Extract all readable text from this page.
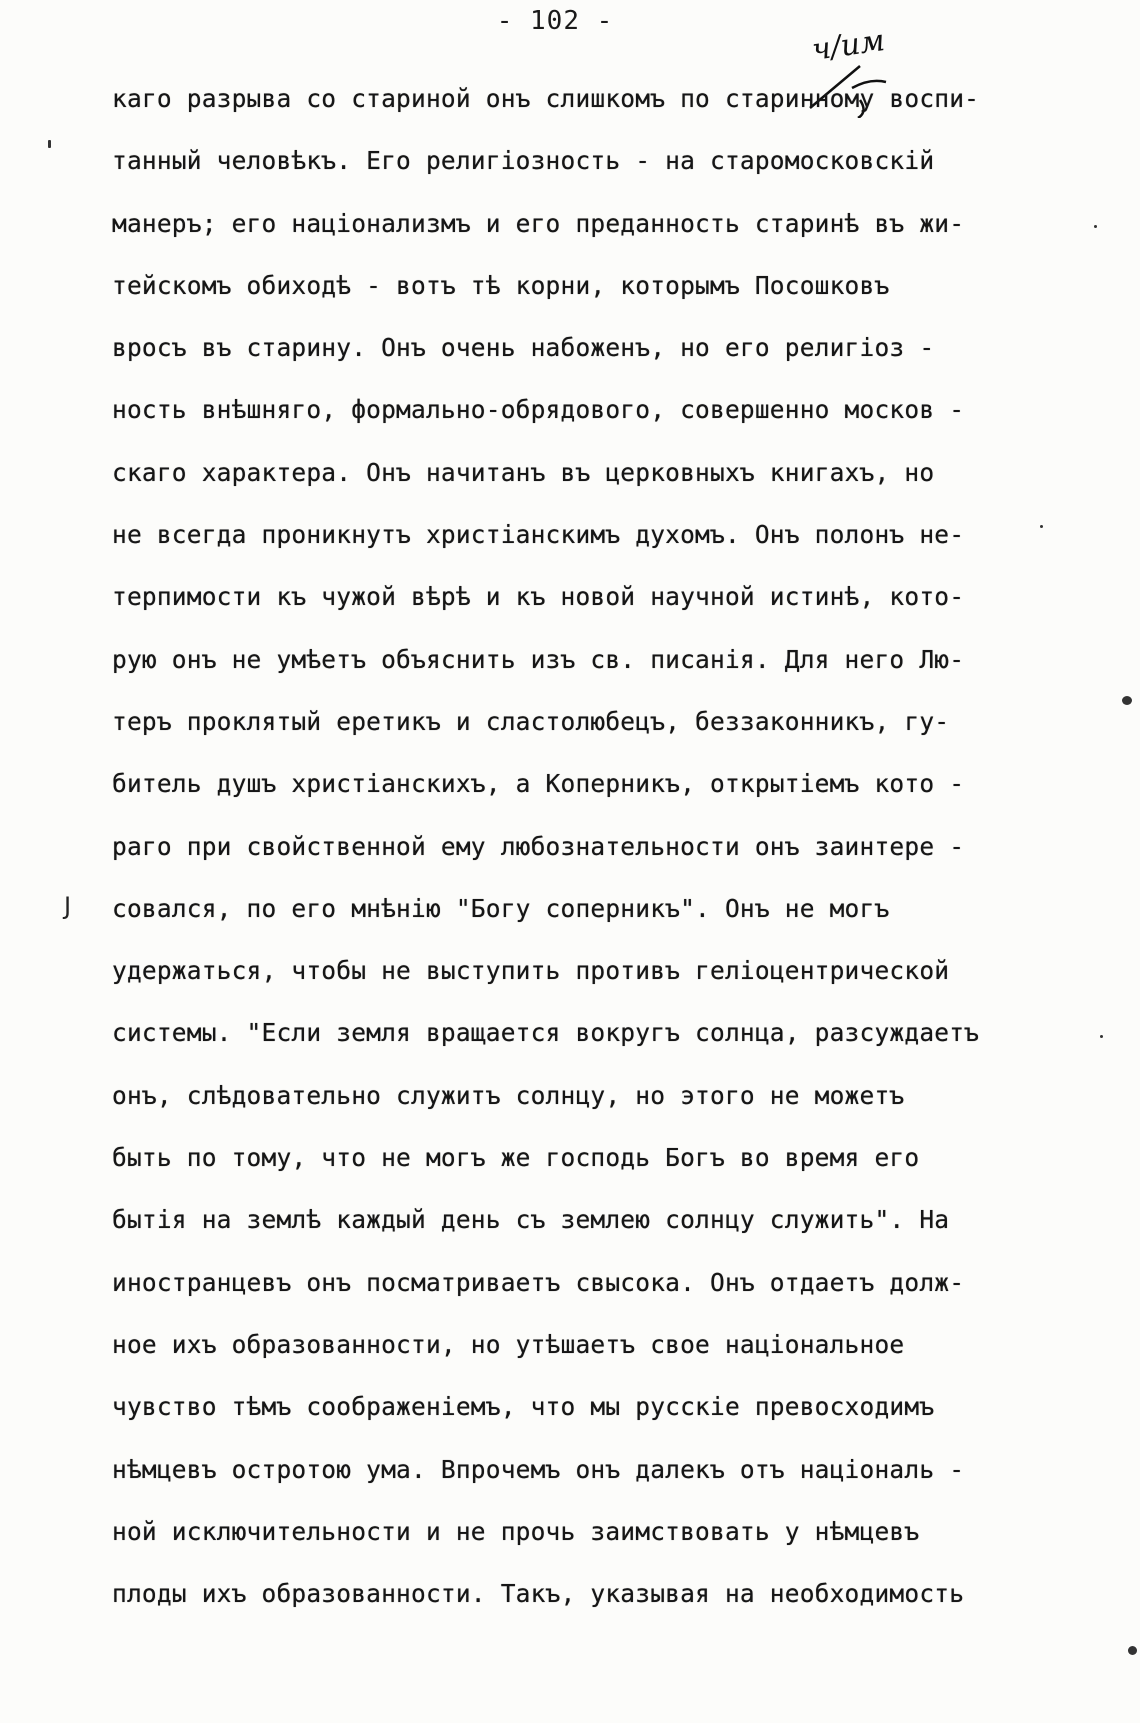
- 102 -
ч/им
J
каго разрыва со стариной онъ слишкомъ по старинному воспи-
танный человѣкъ. Его религіозность - на старомосковскій
манеръ; его націонализмъ и его преданность старинѣ въ жи-
тейскомъ обиходѣ - вотъ тѣ корни, которымъ Посошковъ
вросъ въ старину. Онъ очень набоженъ, но его религіоз -
ность внѣшняго, формально-обрядового, совершенно москов -
скаго характера. Онъ начитанъ въ церковныхъ книгахъ, но
не всегда проникнутъ христіанскимъ духомъ. Онъ полонъ не-
терпимости къ чужой вѣрѣ и къ новой научной истинѣ, кото-
рую онъ не умѣетъ объяснить изъ св. писанія. Для него Лю-
теръ проклятый еретикъ и сластолюбецъ, беззаконникъ, гу-
битель душъ христіанскихъ, а Коперникъ, открытіемъ кото -
раго при свойственной ему любознательности онъ заинтере -
совался, по его мнѣнію "Богу соперникъ". Онъ не могъ
удержаться, чтобы не выступить противъ геліоцентрической
системы. "Если земля вращается вокругъ солнца, разсуждаетъ
онъ, слѣдовательно служитъ солнцу, но этого не можетъ
быть по тому, что не могъ же господь Богъ во время его
бытія на землѣ каждый день съ землею солнцу служить". На
иностранцевъ онъ посматриваетъ свысока. Онъ отдаетъ долж-
ное ихъ образованности, но утѣшаетъ свое національное
чувство тѣмъ соображеніемъ, что мы русскіе превосходимъ
нѣмцевъ остротою ума. Впрочемъ онъ далекъ отъ національ -
ной исключительности и не прочь заимствовать у нѣмцевъ
плоды ихъ образованности. Такъ, указывая на необходимость
